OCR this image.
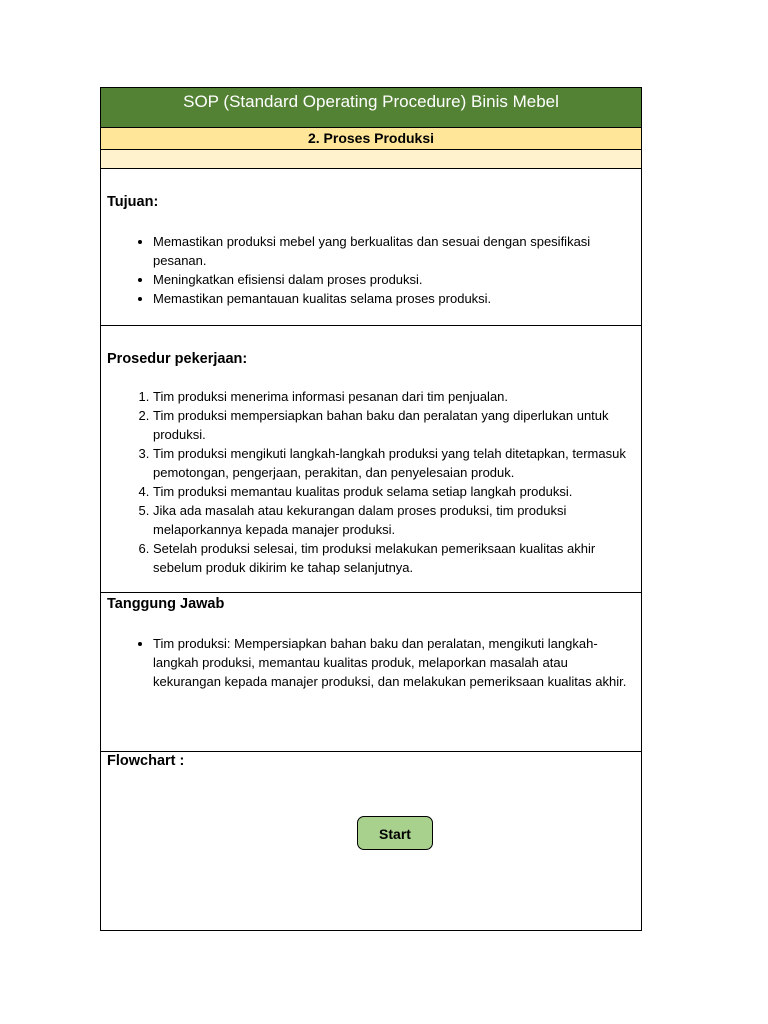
SOP (Standard Operating Procedure) Binis Mebel
2. Proses Produksi
Tujuan:
• Memastikan produksi mebel yang berkualitas dan sesuai dengan spesifikasi pesanan.
• Meningkatkan efisiensi dalam proses produksi.
• Memastikan pemantauan kualitas selama proses produksi.
Prosedur pekerjaan:
1. Tim produksi menerima informasi pesanan dari tim penjualan.
2. Tim produksi mempersiapkan bahan baku dan peralatan yang diperlukan untuk produksi.
3. Tim produksi mengikuti langkah-langkah produksi yang telah ditetapkan, termasuk pemotongan, pengerjaan, perakitan, dan penyelesaian produk.
4. Tim produksi memantau kualitas produk selama setiap langkah produksi.
5. Jika ada masalah atau kekurangan dalam proses produksi, tim produksi melaporkannya kepada manajer produksi.
6. Setelah produksi selesai, tim produksi melakukan pemeriksaan kualitas akhir sebelum produk dikirim ke tahap selanjutnya.
Tanggung Jawab
• Tim produksi: Mempersiapkan bahan baku dan peralatan, mengikuti langkah-langkah produksi, memantau kualitas produk, melaporkan masalah atau kekurangan kepada manajer produksi, dan melakukan pemeriksaan kualitas akhir.
Flowchart :
Start
